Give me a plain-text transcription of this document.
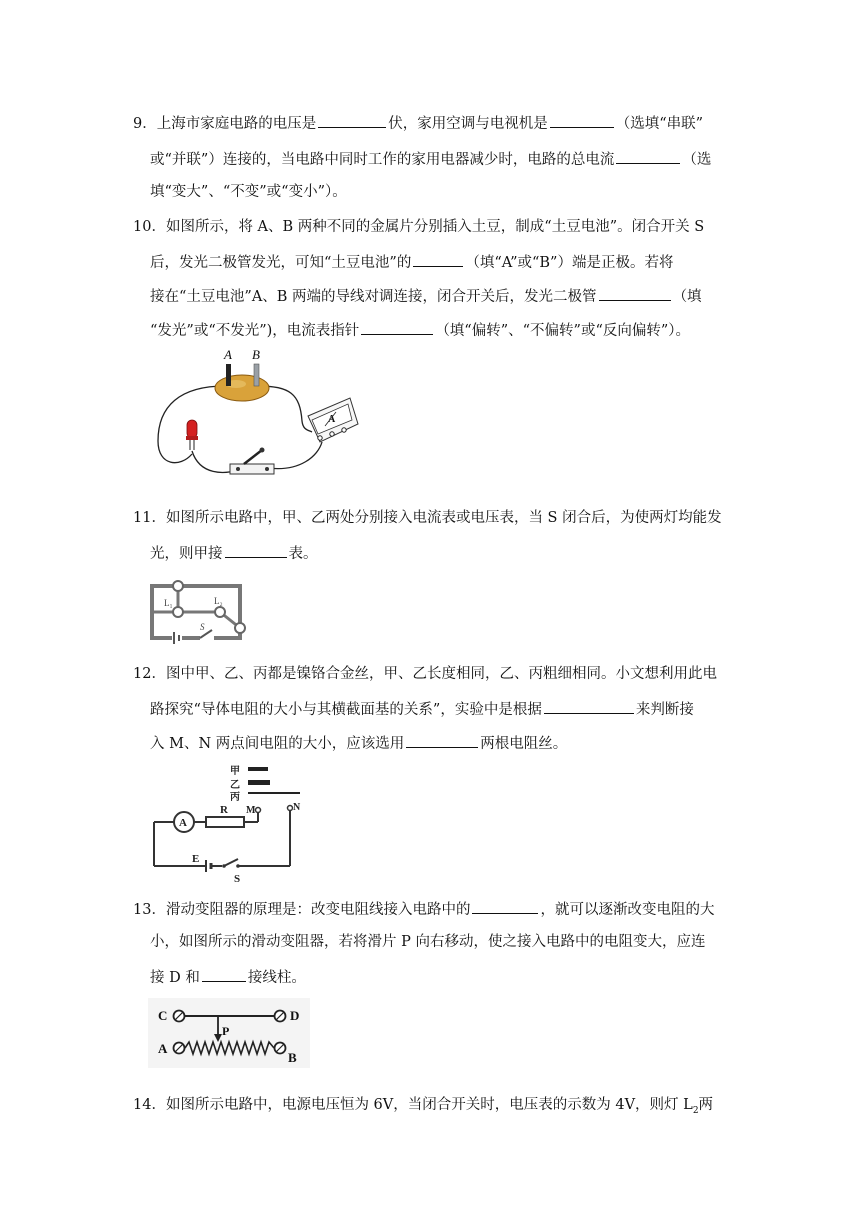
9．上海市家庭电路的电压是	伏，家用空调与电视机是	（选填“串联”
或“并联”）连接的，当电路中同时工作的家用电器减少时，电路的总电流	（选
填“变大”、“不变”或“变小”）。
10．如图所示，将 A、B 两种不同的金属片分别插入土豆，制成“土豆电池”。闭合开关 S
后，发光二极管发光，可知“土豆电池”的	（填“A”或“B”）端是正极。若将
接在“土豆电池”A、B 两端的导线对调连接，闭合开关后，发光二极管	（填
“发光”或“不发光”)，电流表指针	（填“偏转”、“不偏转”或“反向偏转”）。
A B
A
11．如图所示电路中，甲、乙两处分别接入电流表或电压表，当 S 闭合后，为使两灯均能发
光，则甲接	表。
L₁	L₂
S
12．图中甲、乙、丙都是镍铬合金丝，甲、乙长度相同，乙、丙粗细相同。小文想利用此电
路探究“导体电阻的大小与其横截面基的关系”，实验中是根据	来判断接
入 M、N 两点间电阻的大小，应该选用	两根电阻丝。
甲
乙
丙
A
R M	N
E
S
13．滑动变阻器的原理是：改变电阻线接入电路中的	，就可以逐渐改变电阻的大
小，如图所示的滑动变阻器，若将滑片 P 向右移动，使之接入电路中的电阻变大，应连
接 D 和	接线柱。
C	D
P
A
B
14．如图所示电路中，电源电压恒为 6V，当闭合开关时，电压表的示数为 4V，则灯 $L_2$两
